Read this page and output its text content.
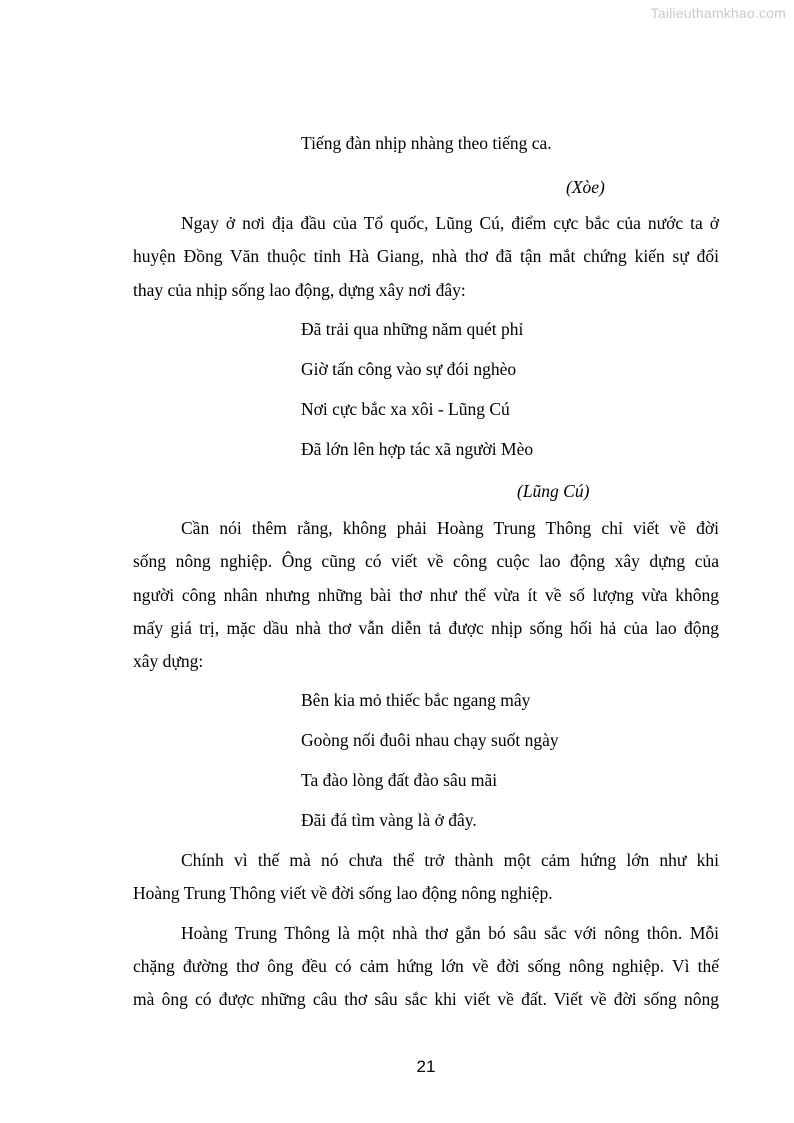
Tailieuthamkhao.com
Tiếng đàn nhịp nhàng theo tiếng ca.
(Xòe)
Ngay ở nơi địa đầu của Tổ quốc, Lũng Cú, điểm cực bắc của nước ta ở
huyện Đồng Văn thuộc tỉnh Hà Giang, nhà thơ đã tận mắt chứng kiến sự đổi
thay của nhịp sống lao động, dựng xây nơi đây:
Đã trải qua những năm quét phỉ
Giờ tấn công vào sự đói nghèo
Nơi cực bắc xa xôi - Lũng Cú
Đã lớn lên hợp tác xã người Mèo
(Lũng Cú)
Cần nói thêm rằng, không phải Hoàng Trung Thông chỉ viết về đời
sống nông nghiệp. Ông cũng có viết về công cuộc lao động xây dựng của
người công nhân nhưng những bài thơ như thế vừa ít về số lượng vừa không
mấy giá trị, mặc dầu nhà thơ vẫn diễn tả được nhịp sống hối hả của lao động
xây dựng:
Bên kia mỏ thiếc bắc ngang mây
Goòng nối đuôi nhau chạy suốt ngày
Ta đào lòng đất đào sâu mãi
Đãi đá tìm vàng là ở đây.
Chính vì thế mà nó chưa thể trở thành một cảm hứng lớn như khi
Hoàng Trung Thông viết về đời sống lao động nông nghiệp.
Hoàng Trung Thông là một nhà thơ gắn bó sâu sắc với nông thôn. Mỗi
chặng đường thơ ông đều có cảm hứng lớn về đời sống nông nghiệp. Vì thế
mà ông có được những câu thơ sâu sắc khi viết về đất. Viết về đời sống nông
21
